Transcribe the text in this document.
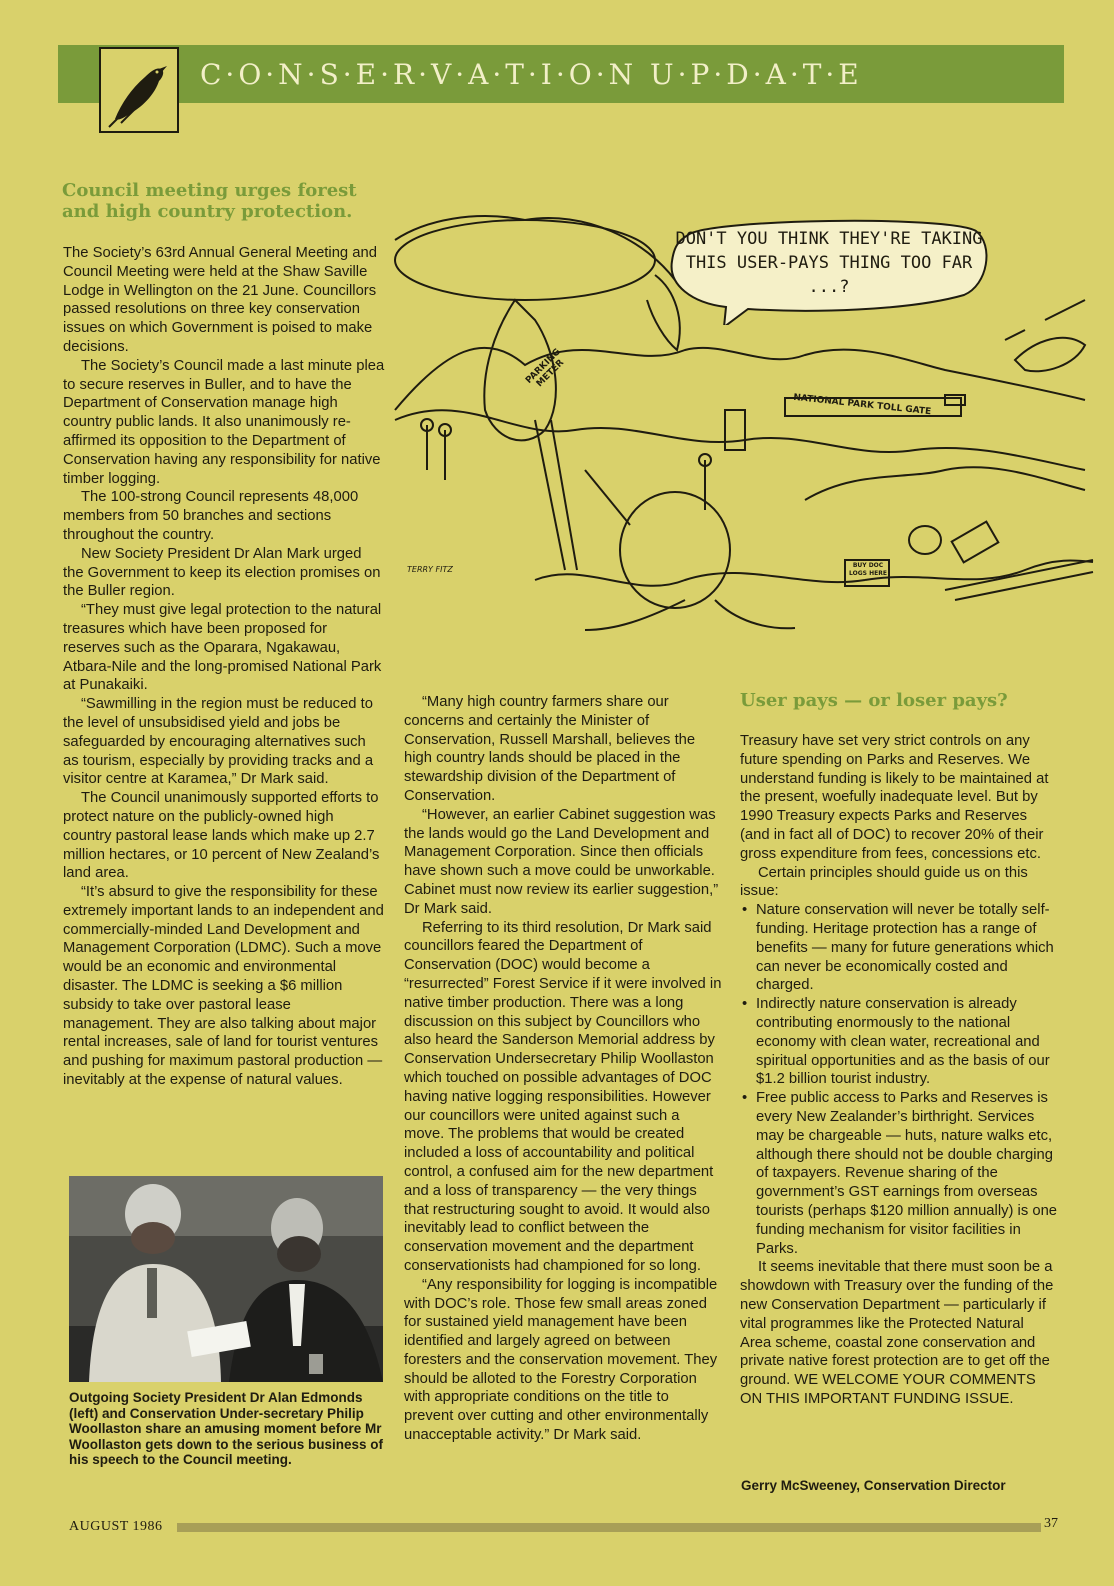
C·O·N·S·E·R·V·A·T·I·O·N U·P·D·A·T·E
Council meeting urges forest and high country protection.

The Society’s 63rd Annual General Meeting and Council Meeting were held at the Shaw Saville Lodge in Wellington on the 21 June. Councillors passed resolutions on three key conservation issues on which Government is poised to make decisions.

The Society’s Council made a last minute plea to secure reserves in Buller, and to have the Department of Conservation manage high country public lands. It also unanimously re-affirmed its opposition to the Department of Conservation having any responsibility for native timber logging.

The 100-strong Council represents 48,000 members from 50 branches and sections throughout the country.

New Society President Dr Alan Mark urged the Government to keep its election promises on the Buller region.

“They must give legal protection to the natural treasures which have been proposed for reserves such as the Oparara, Ngakawau, Atbara-Nile and the long-promised National Park at Punakaiki.

“Sawmilling in the region must be reduced to the level of unsubsidised yield and jobs be safeguarded by encouraging alternatives such as tourism, especially by providing tracks and a visitor centre at Karamea,” Dr Mark said.

The Council unanimously supported efforts to protect nature on the publicly-owned high country pastoral lease lands which make up 2.7 million hectares, or 10 percent of New Zealand’s land area.

“It’s absurd to give the responsibility for these extremely important lands to an independent and commercially-minded Land Development and Management Corporation (LDMC). Such a move would be an economic and environmental disaster. The LDMC is seeking a $6 million subsidy to take over pastoral lease management. They are also talking about major rental increases, sale of land for tourist ventures and pushing for maximum pastoral production — inevitably at the expense of natural values.

“Many high country farmers share our concerns and certainly the Minister of Conservation, Russell Marshall, believes the high country lands should be placed in the stewardship division of the Department of Conservation.

“However, an earlier Cabinet suggestion was the lands would go the Land Development and Management Corporation. Since then officials have shown such a move could be unworkable. Cabinet must now review its earlier suggestion,” Dr Mark said.

Referring to its third resolution, Dr Mark said councillors feared the Department of Conservation (DOC) would become a “resurrected” Forest Service if it were involved in native timber production. There was a long discussion on this subject by Councillors who also heard the Sanderson Memorial address by Conservation Undersecretary Philip Woollaston which touched on possible advantages of DOC having native logging responsibilities. However our councillors were united against such a move. The problems that would be created included a loss of accountability and political control, a confused aim for the new department and a loss of transparency — the very things that restructuring sought to avoid. It would also inevitably lead to conflict between the conservation movement and the department conservationists had championed for so long.

“Any responsibility for logging is incompatible with DOC’s role. Those few small areas zoned for sustained yield management have been identified and largely agreed on between foresters and the conservation movement. They should be alloted to the Forestry Corporation with appropriate conditions on the title to prevent over cutting and other environmentally unacceptable activity.” Dr Mark said.

Outgoing Society President Dr Alan Edmonds (left) and Conservation Under-secretary Philip Woollaston share an amusing moment before Mr Woollaston gets down to the serious business of his speech to the Council meeting.
PARKING METER
NATIONAL PARK TOLL GATE
BUY DOC LOGS HERE
TERRY FITZ
DON'T YOU THINK THEY'RE TAKING THIS USER-PAYS THING TOO FAR ...?
User pays — or loser pays?

Treasury have set very strict controls on any future spending on Parks and Reserves. We understand funding is likely to be maintained at the present, woefully inadequate level. But by 1990 Treasury expects Parks and Reserves (and in fact all of DOC) to recover 20% of their gross expenditure from fees, concessions etc.

Certain principles should guide us on this issue:

• Nature conservation will never be totally self-funding. Heritage protection has a range of benefits — many for future generations which can never be economically costed and charged.
• Indirectly nature conservation is already contributing enormously to the national economy with clean water, recreational and spiritual opportunities and as the basis of our $1.2 billion tourist industry.
• Free public access to Parks and Reserves is every New Zealander’s birthright. Services may be chargeable — huts, nature walks etc, although there should not be double charging of taxpayers. Revenue sharing of the government’s GST earnings from overseas tourists (perhaps $120 million annually) is one funding mechanism for visitor facilities in Parks.

It seems inevitable that there must soon be a showdown with Treasury over the funding of the new Conservation Department — particularly if vital programmes like the Protected Natural Area scheme, coastal zone conservation and private native forest protection are to get off the ground. WE WELCOME YOUR COMMENTS ON THIS IMPORTANT FUNDING ISSUE.

Gerry McSweeney, Conservation Director
AUGUST 1986	37
